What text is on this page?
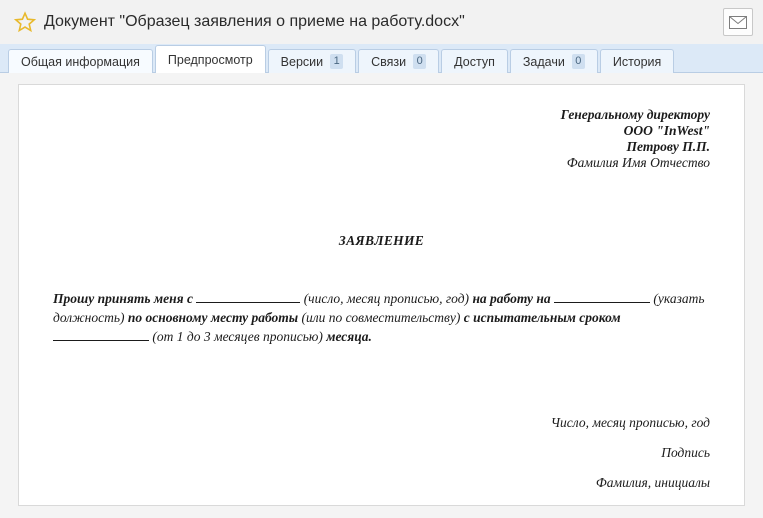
Документ "Образец заявления о приеме на работу.docx"
Общая информация Предпросмотр Версии 1	Связи 0	Доступ Задачи 0	История
Генеральному директору
ООО "InWest"
Петрову П.П.
Фамилия Имя Отчество
ЗАЯВЛЕНИЕ
Прошу принять меня с	(число, месяц прописью, год) на работу на	(указать должность) по основному месту работы (или по совместительству) с испытательным сроком  (от 1 до 3 месяцев прописью) месяца.
Число, месяц прописью, год
Подпись
Фамилия, инициалы
